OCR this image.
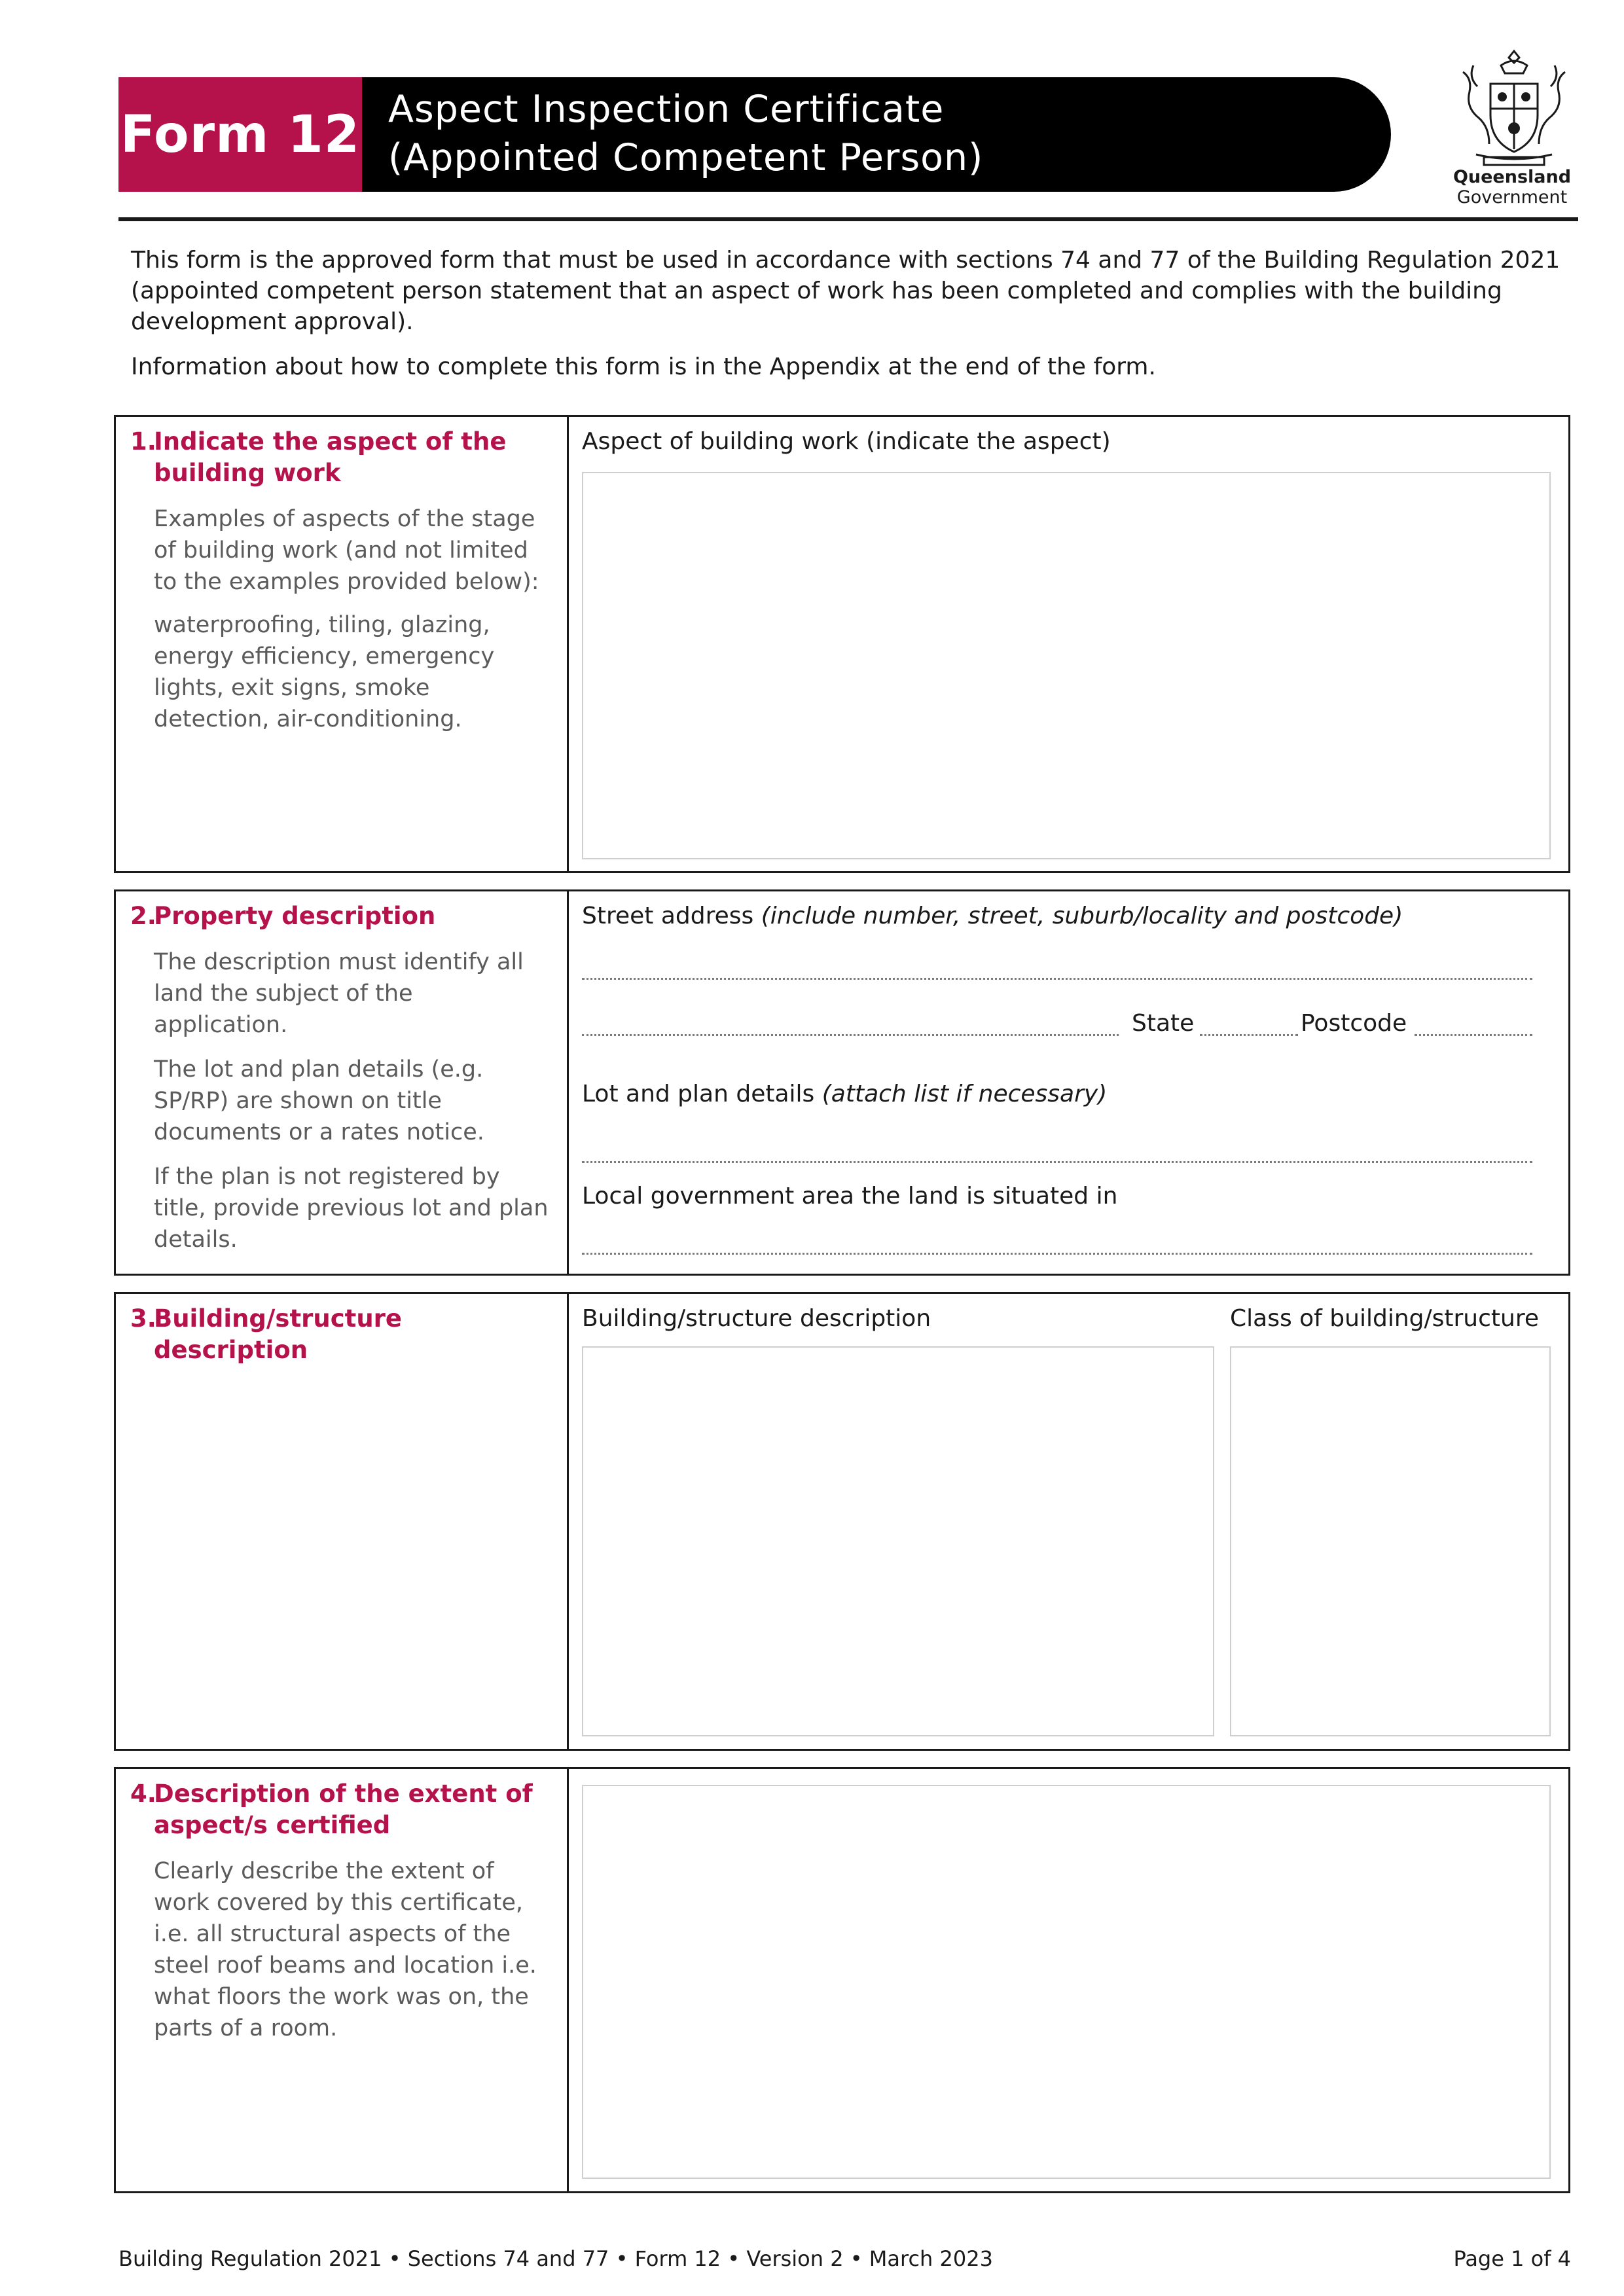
Form 12 Aspect Inspection Certificate
(Appointed Competent Person)	Queensland
Government
This form is the approved form that must be used in accordance with sections 74 and 77 of the Building Regulation 2021 (appointed competent person statement that an aspect of work has been completed and complies with the building development approval).
Information about how to complete this form is in the Appendix at the end of the form.
1.Indicate the aspect of the building work
Examples of aspects of the stage of building work (and not limited to the examples provided below):
waterproofing, tiling, glazing, energy efficiency, emergency lights, exit signs, smoke detection, air-conditioning.
Aspect of building work (indicate the aspect)
2.Property description
The description must identify all land the subject of the application.
The lot and plan details (e.g. SP/RP) are shown on title documents or a rates notice.
If the plan is not registered by title, provide previous lot and plan details.
Street address (include number, street, suburb/locality and postcode)
State	Postcode
Lot and plan details (attach list if necessary)
Local government area the land is situated in
3.Building/structure description
Building/structure description	Class of building/structure
4.Description of the extent of aspect/s certified
Clearly describe the extent of work covered by this certificate, i.e. all structural aspects of the steel roof beams and location i.e. what floors the work was on, the parts of a room.
Building Regulation 2021 • Sections 74 and 77 • Form 12 • Version 2 • March 2023	Page 1 of 4
